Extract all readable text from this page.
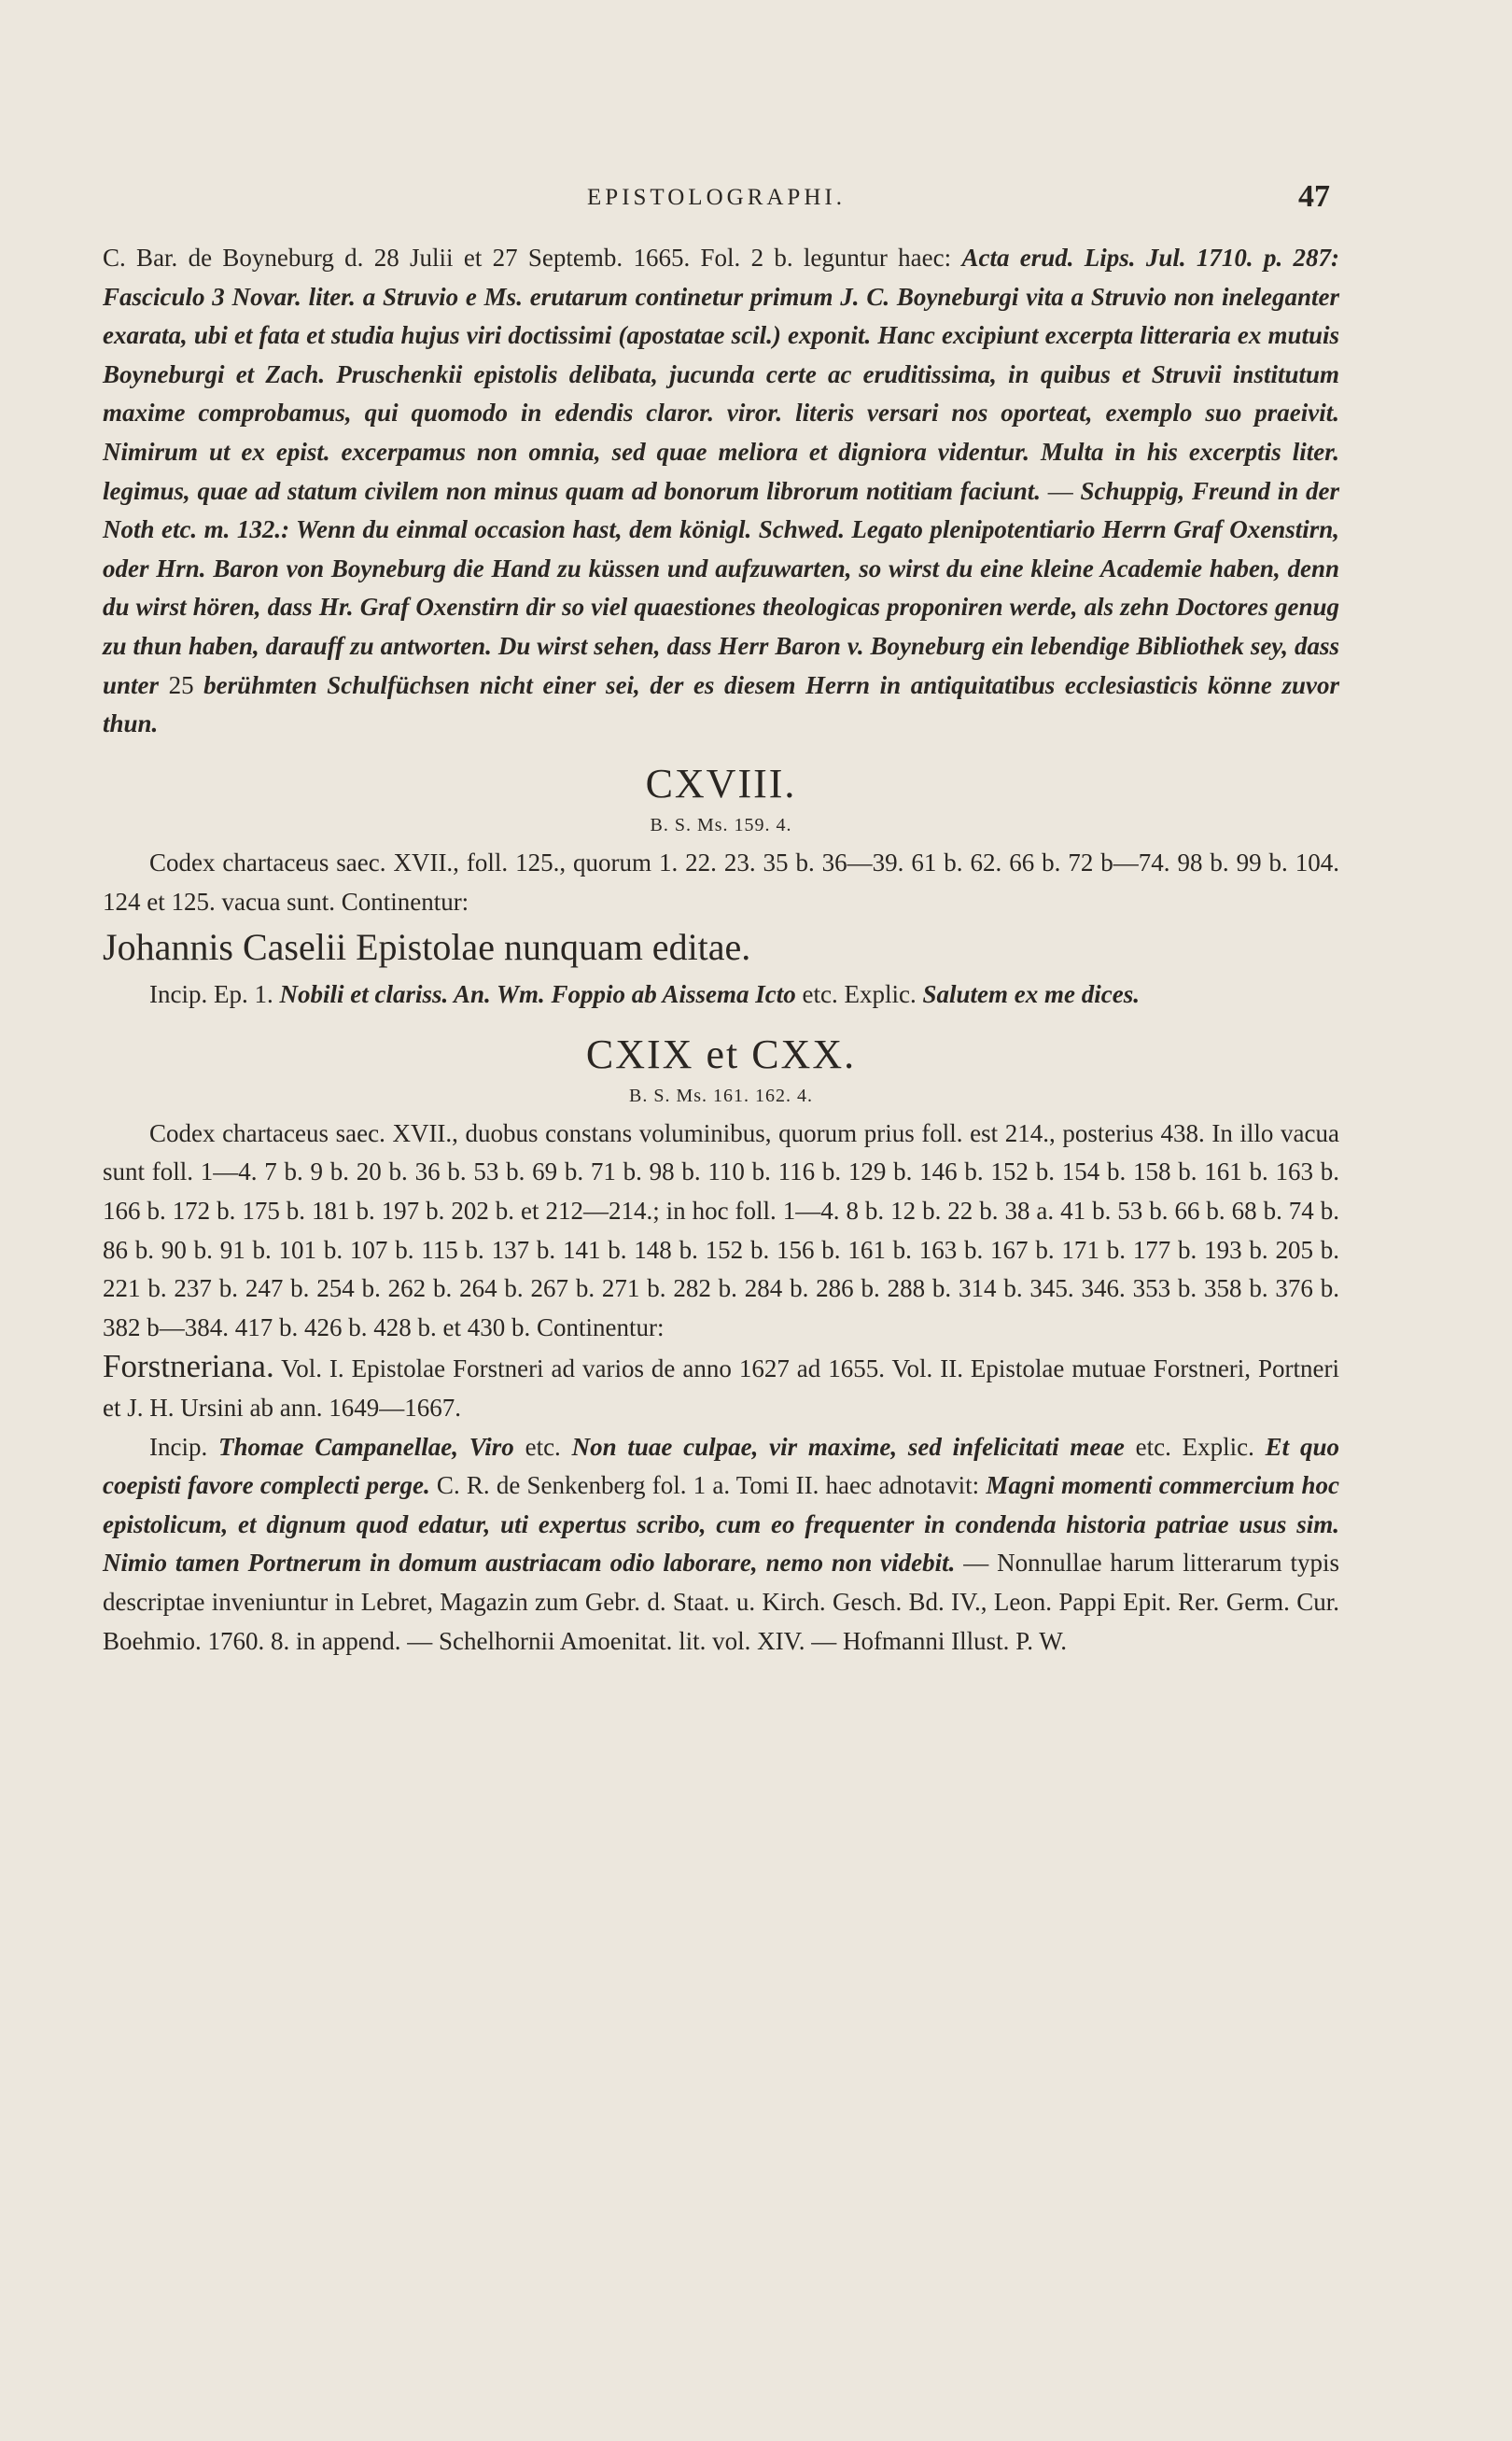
EPISTOLOGRAPHI.	47

C. Bar. de Boyneburg d. 28 Julii et 27 Septemb. 1665. Fol. 2 b. leguntur haec: Acta erud. Lips. Jul. 1710. p. 287: Fasciculo 3 Novar. liter. a Struvio e Ms. erutarum continetur primum J. C. Boyneburgi vita a Struvio non ineleganter exarata, ubi et fata et studia hujus viri doctissimi (apostatae scil.) exponit. Hanc excipiunt excerpta litteraria ex mutuis Boyneburgi et Zach. Pruschenkii epistolis delibata, jucunda certe ac eruditissima, in quibus et Struvii institutum maxime comprobamus, qui quomodo in edendis claror. viror. literis versari nos oporteat, exemplo suo praeivit. Nimirum ut ex epist. excerpamus non omnia, sed quae meliora et digniora videntur. Multa in his excerptis liter. legimus, quae ad statum civilem non minus quam ad bonorum librorum notitiam faciunt. — Schuppig, Freund in der Noth etc. m. 132.: Wenn du einmal occasion hast, dem königl. Schwed. Legato plenipotentiario Herrn Graf Oxenstirn, oder Hrn. Baron von Boyneburg die Hand zu küssen und aufzuwarten, so wirst du eine kleine Academie haben, denn du wirst hören, dass Hr. Graf Oxenstirn dir so viel quaestiones theologicas proponiren werde, als zehn Doctores genug zu thun haben, darauff zu antworten. Du wirst sehen, dass Herr Baron v. Boyneburg ein lebendige Bibliothek sey, dass unter 25 berühmten Schulfüchsen nicht einer sei, der es diesem Herrn in antiquitatibus ecclesiasticis könne zuvor thun.

CXVIII.
B. S. Ms. 159. 4.

Codex chartaceus saec. XVII., foll. 125., quorum 1. 22. 23. 35 b. 36—39. 61 b. 62. 66 b. 72 b—74. 98 b. 99 b. 104. 124 et 125. vacua sunt. Continentur:

Johannis Caselii Epistolae nunquam editae.

Incip. Ep. 1. Nobili et clariss. An. Wm. Foppio ab Aissema Icto etc. Explic. Salutem ex me dices.

CXIX et CXX.
B. S. Ms. 161. 162. 4.

Codex chartaceus saec. XVII., duobus constans voluminibus, quorum prius foll. est 214., posterius 438. In illo vacua sunt foll. 1—4. 7 b. 9 b. 20 b. 36 b. 53 b. 69 b. 71 b. 98 b. 110 b. 116 b. 129 b. 146 b. 152 b. 154 b. 158 b. 161 b. 163 b. 166 b. 172 b. 175 b. 181 b. 197 b. 202 b. et 212—214.; in hoc foll. 1—4. 8 b. 12 b. 22 b. 38 a. 41 b. 53 b. 66 b. 68 b. 74 b. 86 b. 90 b. 91 b. 101 b. 107 b. 115 b. 137 b. 141 b. 148 b. 152 b. 156 b. 161 b. 163 b. 167 b. 171 b. 177 b. 193 b. 205 b. 221 b. 237 b. 247 b. 254 b. 262 b. 264 b. 267 b. 271 b. 282 b. 284 b. 286 b. 288 b. 314 b. 345. 346. 353 b. 358 b. 376 b. 382 b—384. 417 b. 426 b. 428 b. et 430 b. Continentur:

Forstneriana. Vol. I. Epistolae Forstneri ad varios de anno 1627 ad 1655. Vol. II. Epistolae mutuae Forstneri, Portneri et J. H. Ursini ab ann. 1649—1667.

Incip. Thomae Campanellae, Viro etc. Non tuae culpae, vir maxime, sed infelicitati meae etc. Explic. Et quo coepisti favore complecti perge. C. R. de Senkenberg fol. 1 a. Tomi II. haec adnotavit: Magni momenti commercium hoc epistolicum, et dignum quod edatur, uti expertus scribo, cum eo frequenter in condenda historia patriae usus sim. Nimio tamen Portnerum in domum austriacam odio laborare, nemo non videbit. — Nonnullae harum litterarum typis descriptae inveniuntur in Lebret, Magazin zum Gebr. d. Staat. u. Kirch. Gesch. Bd. IV., Leon. Pappi Epit. Rer. Germ. Cur. Boehmio. 1760. 8. in append. — Schelhornii Amoenitat. lit. vol. XIV. — Hofmanni Illust. P. W.
